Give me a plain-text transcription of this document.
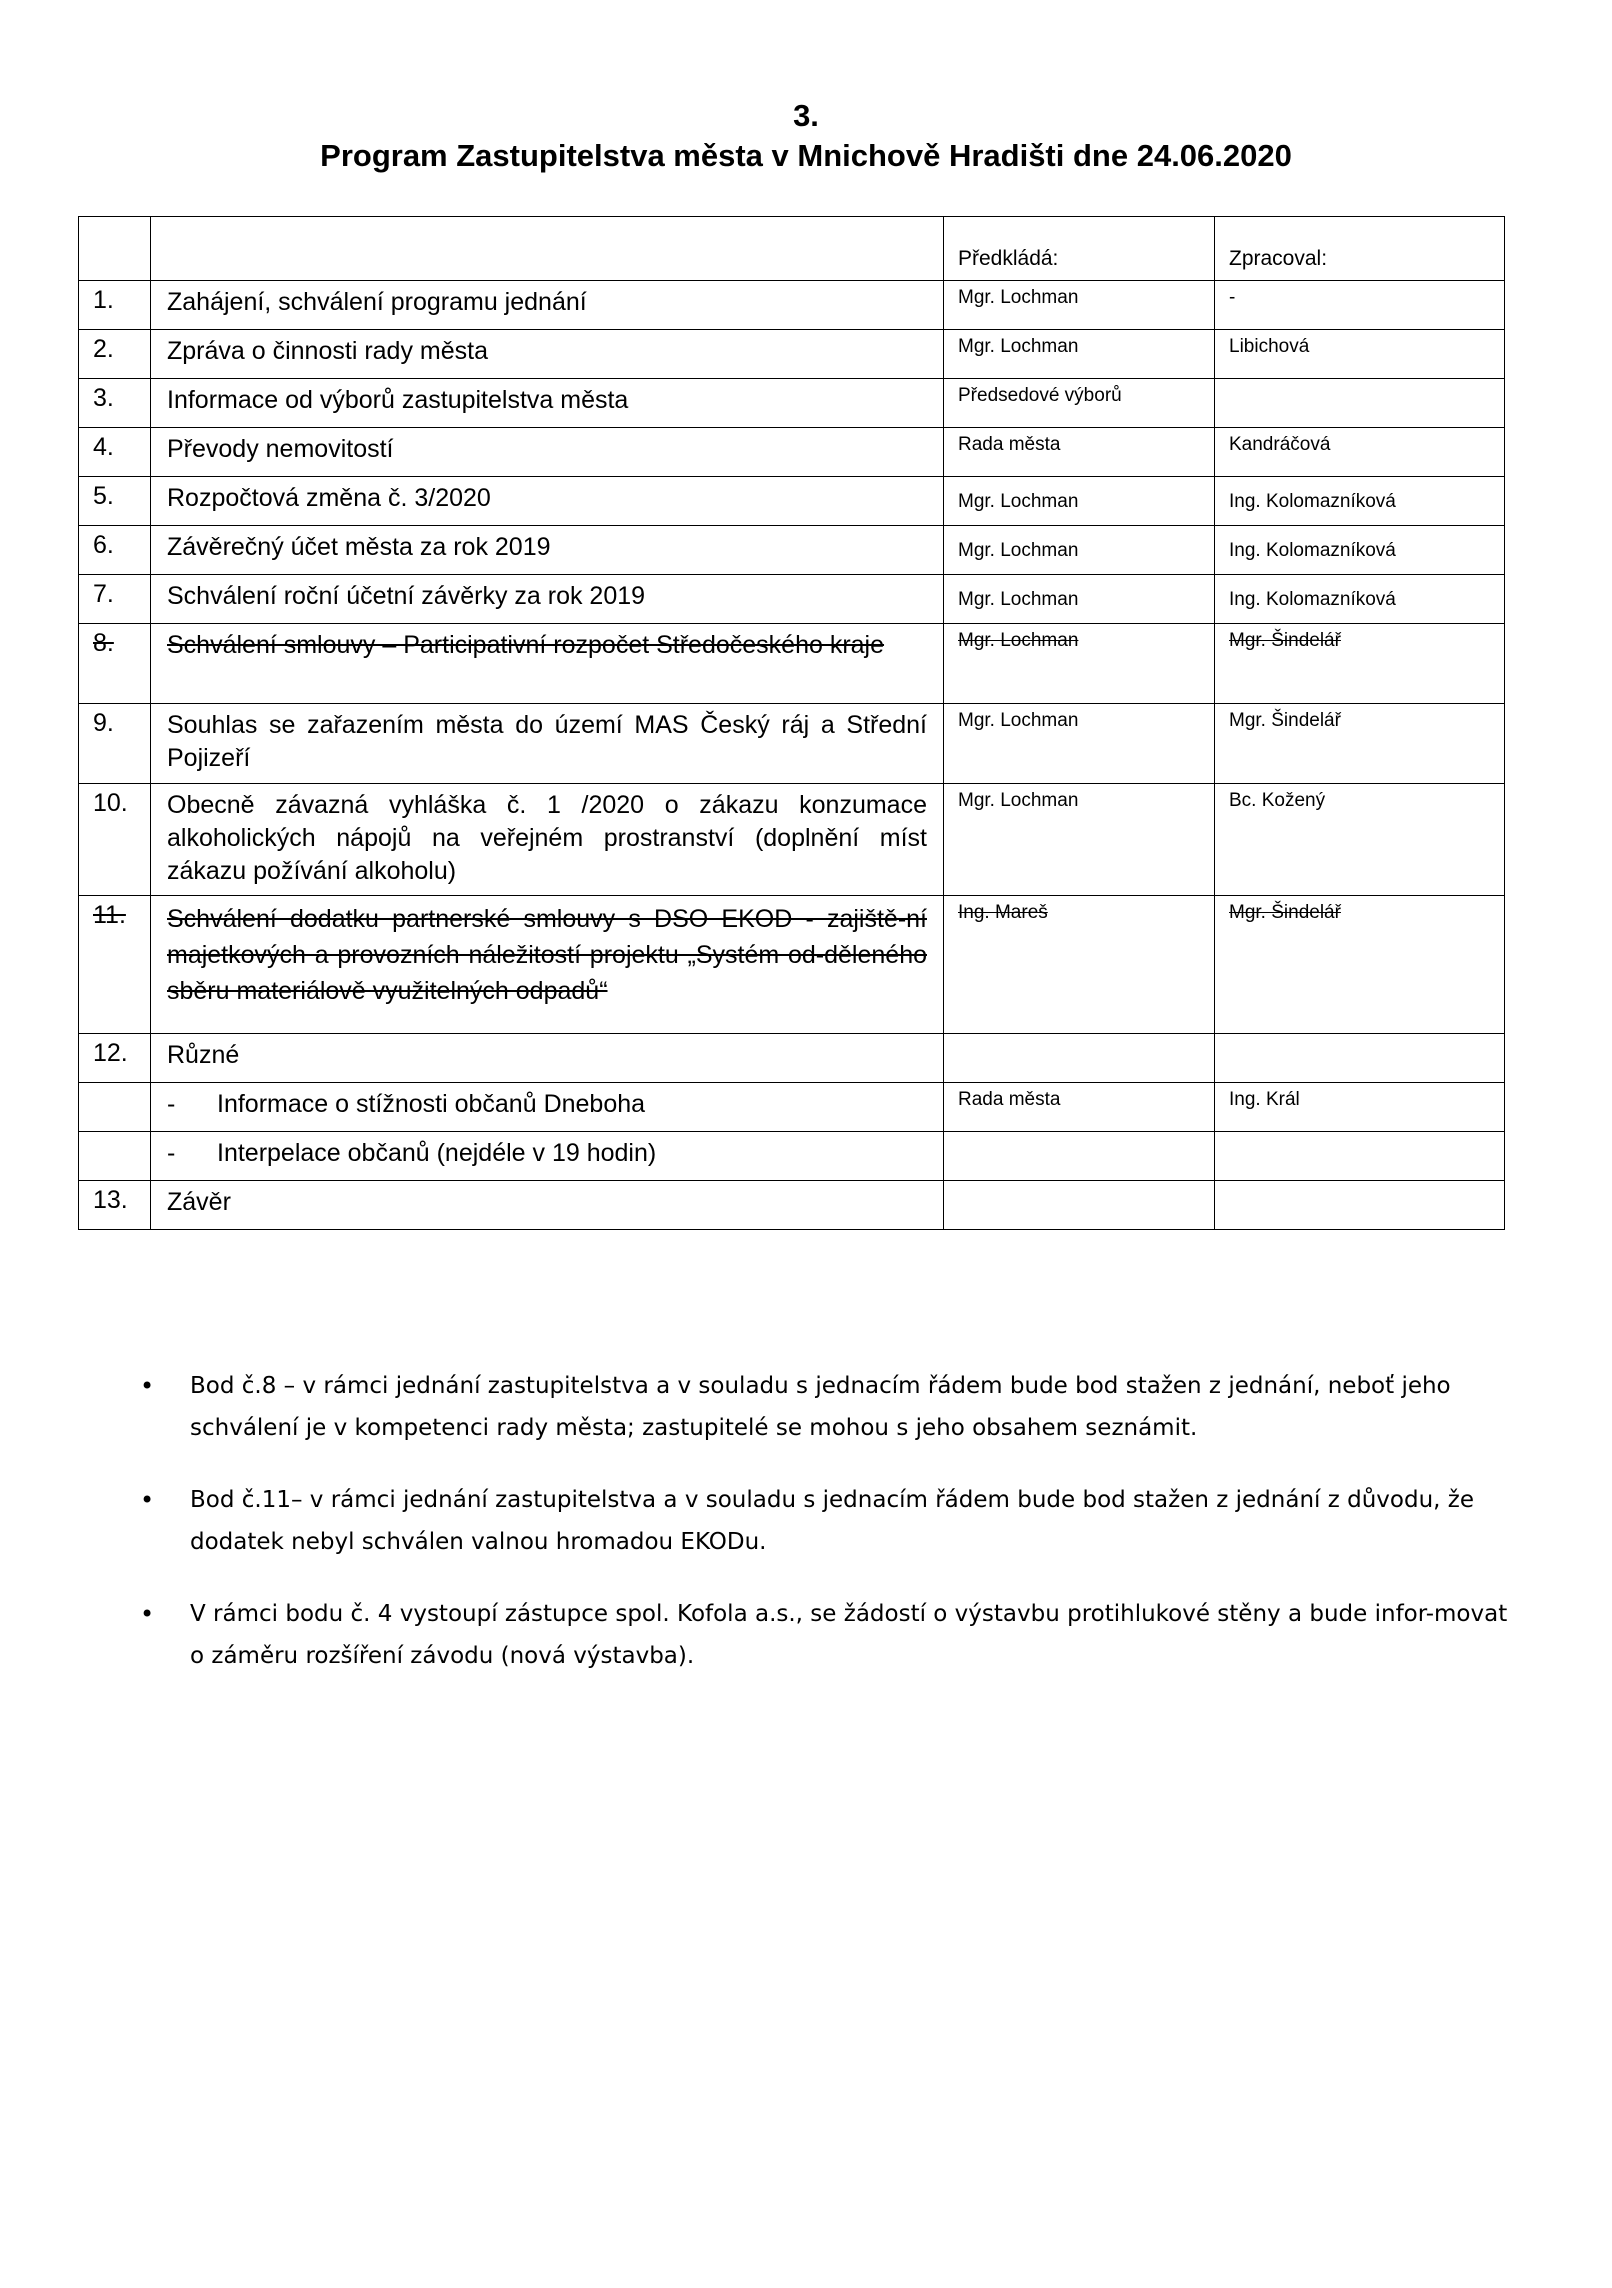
3.
Program Zastupitelstva města v Mnichově Hradišti dne 24.06.2020
		Předkládá:	Zpracoval:
1.	Zahájení, schválení programu jednání	Mgr. Lochman	-
2.	Zpráva o činnosti rady města	Mgr. Lochman	Libichová
3.	Informace od výborů zastupitelstva města	Předsedové výborů	
4.	Převody nemovitostí	Rada města	Kandráčová
5.	Rozpočtová změna č. 3/2020	Mgr. Lochman	Ing. Kolomazníková
6.	Závěrečný účet města za rok 2019	Mgr. Lochman	Ing. Kolomazníková
7.	Schválení roční účetní závěrky za rok 2019	Mgr. Lochman	Ing. Kolomazníková
8.	Schválení smlouvy – Participativní rozpočet Středočeského kraje	Mgr. Lochman	Mgr. Šindelář
9.	Souhlas se zařazením města do území MAS Český ráj a Střední Pojizeří	Mgr. Lochman	Mgr. Šindelář
10.	Obecně závazná vyhláška č. 1 /2020 o zákazu konzumace alkoholických nápojů na veřejném prostranství (doplnění míst zákazu požívání alkoholu)	Mgr. Lochman	Bc. Kožený
11.	Schválení dodatku partnerské smlouvy s DSO EKOD - zajiště-ní majetkových a provozních náležitostí projektu „Systém od-děleného sběru materiálově využitelných odpadů“	Ing. Mareš	Mgr. Šindelář
12.	Různé		
	- Informace o stížnosti občanů Dneboha	Rada města	Ing. Král
	- Interpelace občanů (nejdéle v 19 hodin)		
13.	Závěr		
• Bod č.8 – v rámci jednání zastupitelstva a v souladu s jednacím řádem bude bod stažen z jednání, neboť jeho schválení je v kompetenci rady města; zastupitelé se mohou s jeho obsahem seznámit.
• Bod č.11– v rámci jednání zastupitelstva a v souladu s jednacím řádem bude bod stažen z jednání z důvodu, že dodatek nebyl schválen valnou hromadou EKODu.
• V rámci bodu č. 4 vystoupí zástupce spol. Kofola a.s., se žádostí o výstavbu protihlukové stěny a bude infor-movat o záměru rozšíření závodu (nová výstavba).
